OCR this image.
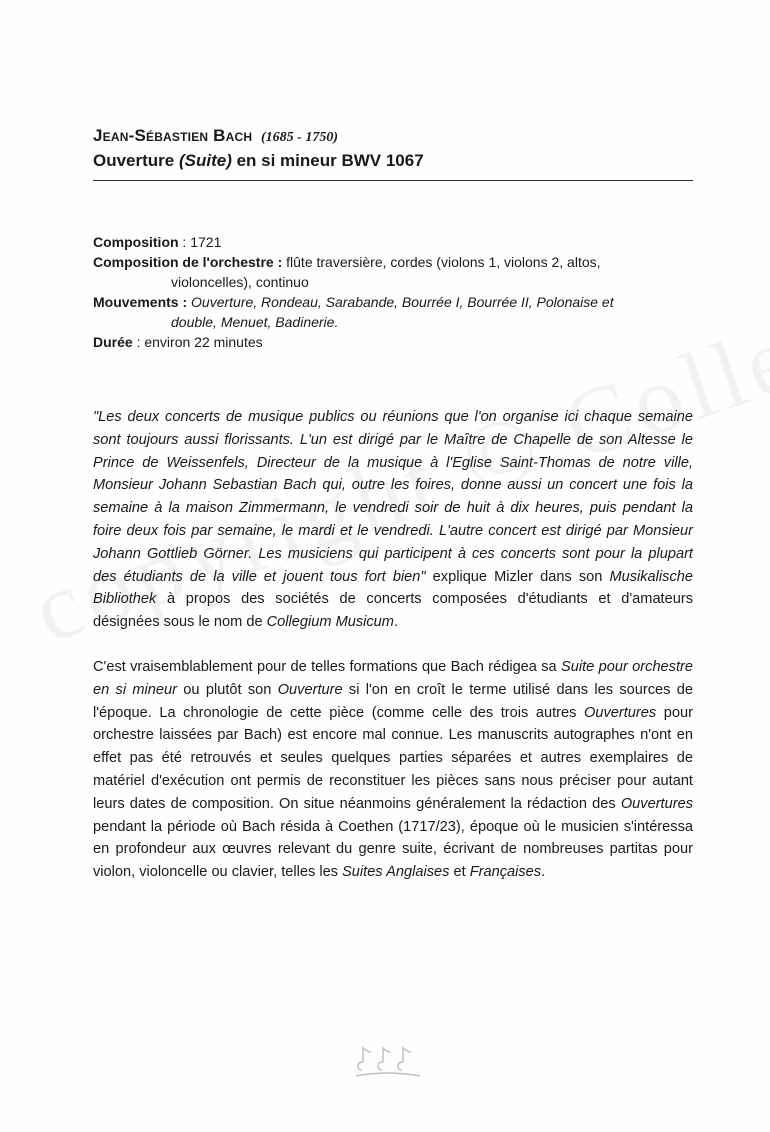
Jean-Sébastien Bach (1685 - 1750)
Ouverture (Suite) en si mineur BWV 1067
Composition : 1721
Composition de l'orchestre : flûte traversière, cordes (violons 1, violons 2, altos,
violoncelles), continuo
Mouvements : Ouverture, Rondeau, Sarabande, Bourrée I, Bourrée II, Polonaise et
double, Menuet, Badinerie.
Durée : environ 22 minutes
"Les deux concerts de musique publics ou réunions que l'on organise ici chaque semaine sont toujours aussi florissants. L'un est dirigé par le Maître de Chapelle de son Altesse le Prince de Weissenfels, Directeur de la musique à l'Eglise Saint-Thomas de notre ville, Monsieur Johann Sebastian Bach qui, outre les foires, donne aussi un concert une fois la semaine à la maison Zimmermann, le vendredi soir de huit à dix heures, puis pendant la foire deux fois par semaine, le mardi et le vendredi. L'autre concert est dirigé par Monsieur Johann Gottlieb Görner. Les musiciens qui participent à ces concerts sont pour la plupart des étudiants de la ville et jouent tous fort bien" explique Mizler dans son Musikalische Bibliothek à propos des sociétés de concerts composées d'étudiants et d'amateurs désignées sous le nom de Collegium Musicum.
C'est vraisemblablement pour de telles formations que Bach rédigea sa Suite pour orchestre en si mineur ou plutôt son Ouverture si l'on en croît le terme utilisé dans les sources de l'époque. La chronologie de cette pièce (comme celle des trois autres Ouvertures pour orchestre laissées par Bach) est encore mal connue. Les manuscrits autographes n'ont en effet pas été retrouvés et seules quelques parties séparées et autres exemplaires de matériel d'exécution ont permis de reconstituer les pièces sans nous préciser pour autant leurs dates de composition. On situe néanmoins généralement la rédaction des Ouvertures pendant la période où Bach résida à Coethen (1717/23), époque où le musicien s'intéressa en profondeur aux œuvres relevant du genre suite, écrivant de nombreuses partitas pour violon, violoncelle ou clavier, telles les Suites Anglaises et Françaises.
